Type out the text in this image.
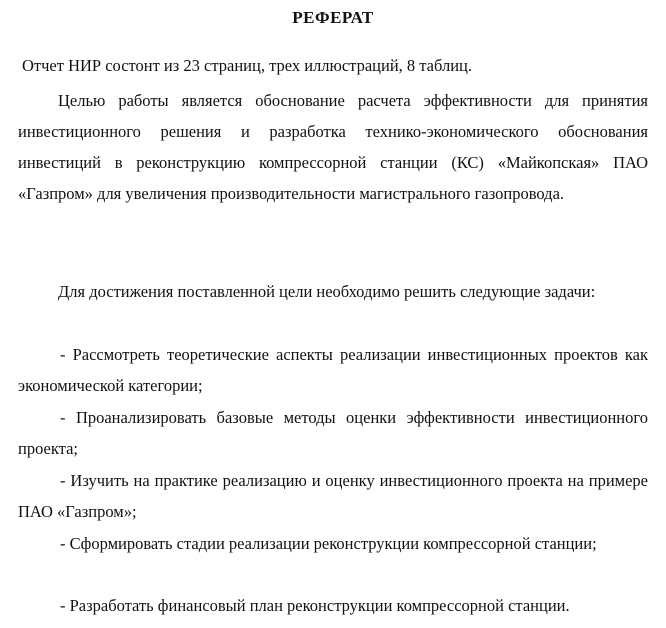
РЕФЕРАТ
Отчет НИР состонт из 23 страниц, трех иллюстраций, 8 таблиц.
Целью работы является обоснование расчета эффективности для принятия инвестиционного решения и разработка технико-экономического обоснования инвестиций в реконструкцию компрессорной станции (КС) «Майкопская» ПАО «Газпром» для увеличения производительности магистрального газопровода.
Для достижения поставленной цели необходимо решить следующие задачи:
- Рассмотреть теоретические аспекты реализации инвестиционных проектов как экономической категории;
- Проанализировать базовые методы оценки эффективности инвестиционного проекта;
- Изучить на практике реализацию и оценку инвестиционного проекта на примере ПАО «Газпром»;
- Сформировать стадии реализации реконструкции компрессорной станции;
- Разработать финансовый план реконструкции компрессорной станции.
